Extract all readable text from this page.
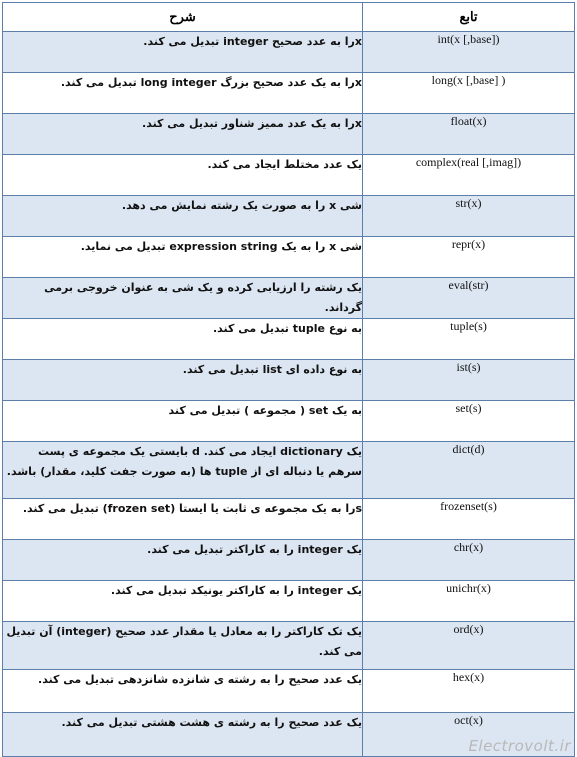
شرح	تابع
xرا به عدد صحیح integer تبدیل می کند.	int(x [,base])
xرا به یک عدد صحیح بزرگ long integer تبدیل می کند.	long(x [,base] )
xرا به یک عدد ممیز شناور تبدیل می کند.	float(x)
یک عدد مختلط ایجاد می کند.	complex(real [,imag])
شی x را به صورت یک رشته نمایش می دهد.	str(x)
شی x را به یک expression string تبدیل می نماید.	repr(x)
یک رشته را ارزیابی کرده و یک شی به عنوان خروجی برمی گرداند.	eval(str)
به نوع tuple تبدیل می کند.	tuple(s)
به نوع داده ای list تبدیل می کند.	ist(s)
به یک set ( مجموعه ) تبدیل می کند	set(s)
یک dictionary ایجاد می کند. d بایستی یک مجموعه ی پست سرهم یا دنباله ای از tuple ها (به صورت جفت کلید، مقدار) باشد.	dict(d)
sرا به یک مجموعه ی ثابت یا ایستا (frozen set) تبدیل می کند.	frozenset(s)
یک integer را به کاراکتر تبدیل می کند.	chr(x)
یک integer را به کاراکتر یونیکد تبدیل می کند.	unichr(x)
یک تک کاراکتر را به معادل یا مقدار عدد صحیح (integer) آن تبدیل می کند.	ord(x)
یک عدد صحیح را به رشته ی شانزده شانزدهی تبدیل می کند.	hex(x)
یک عدد صحیح را به رشته ی هشت هشتی تبدیل می کند.	oct(x)
Electrovolt.ir
